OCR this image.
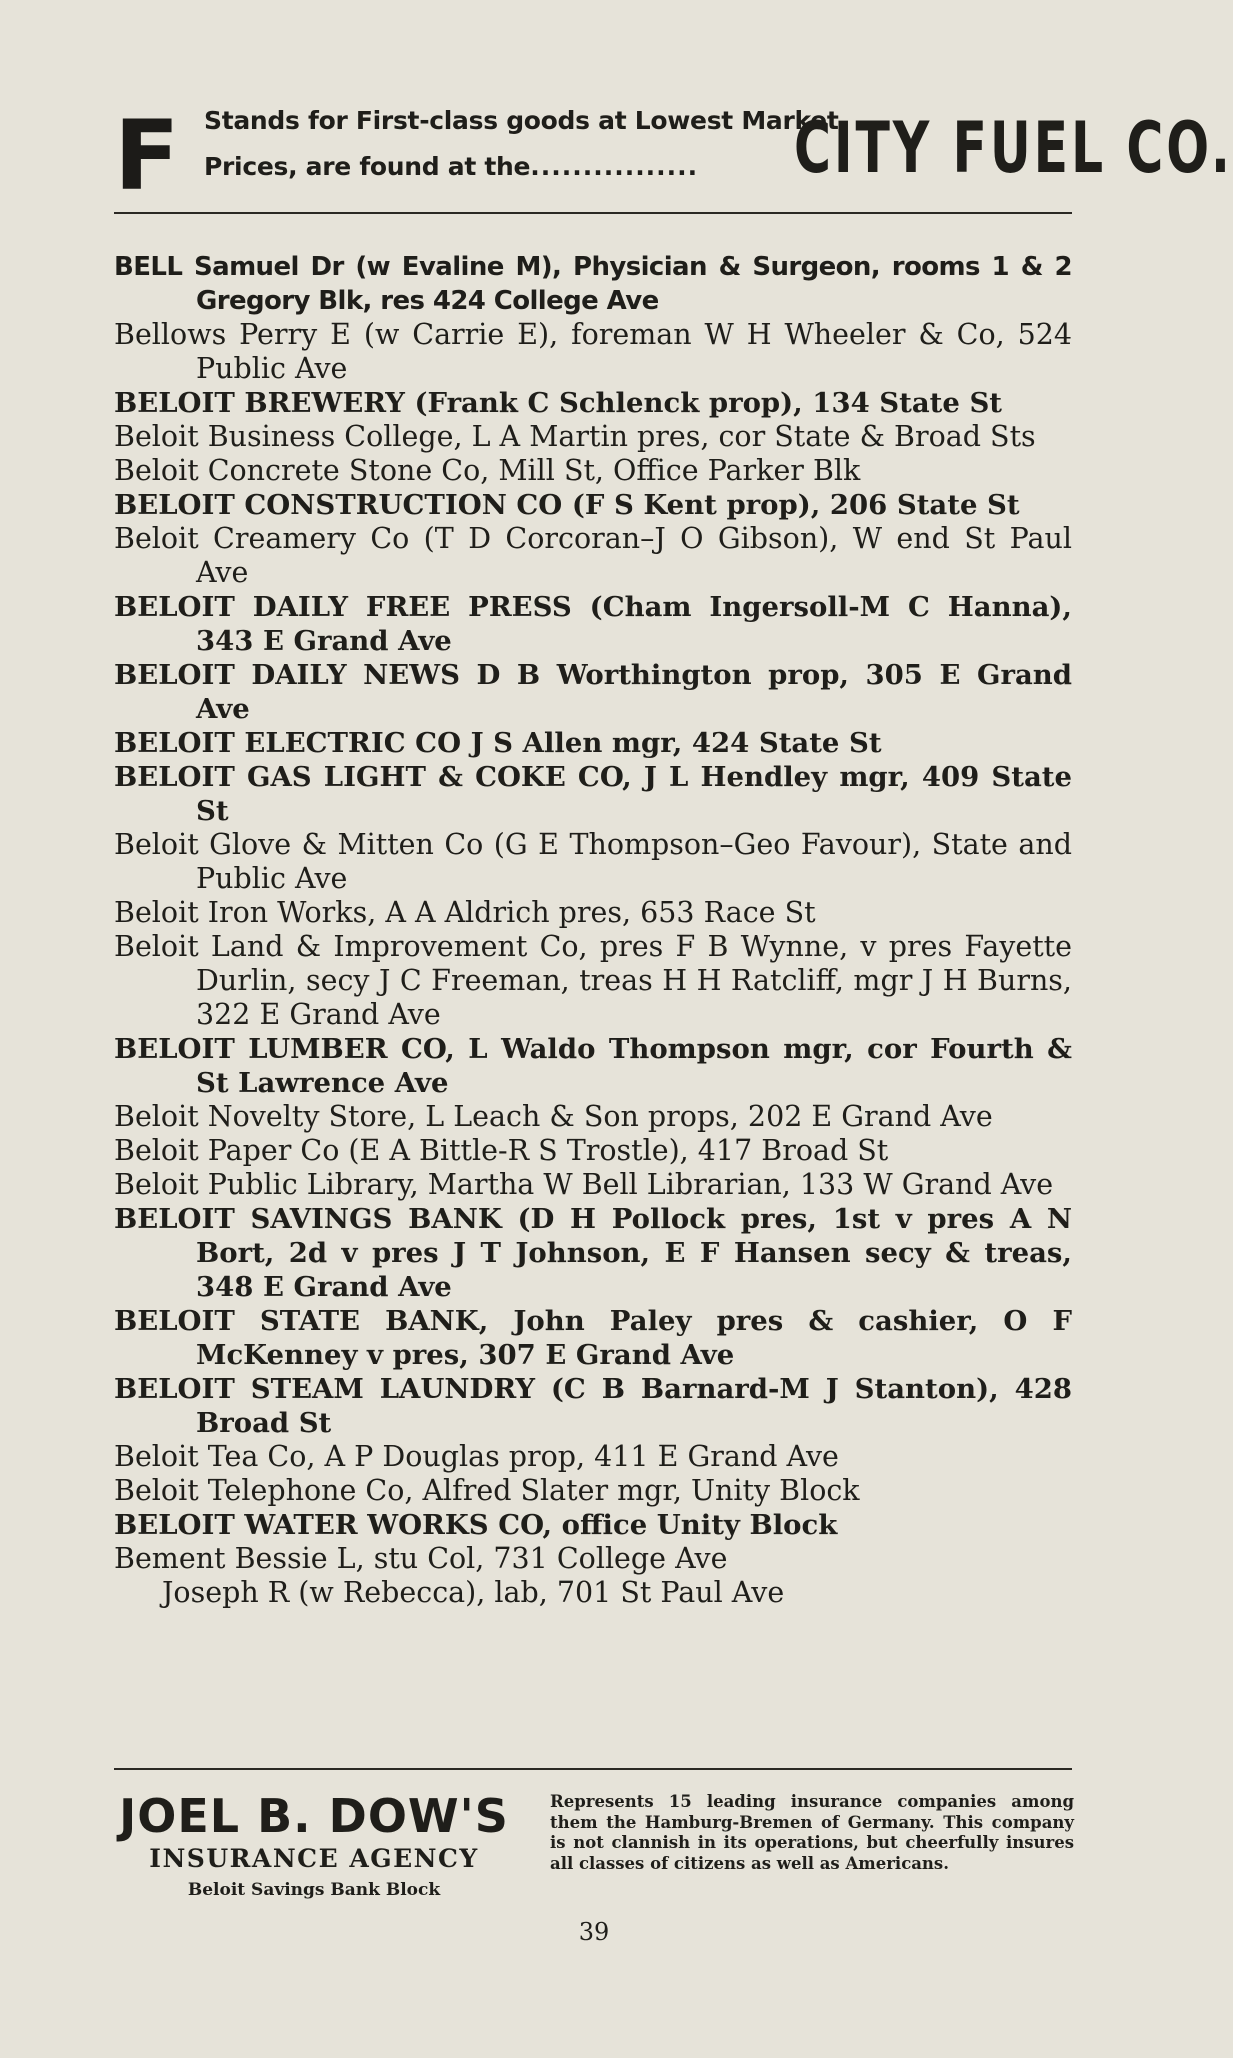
F Stands for First-class goods at Lowest Market
Prices, are found at the................ CITY FUEL CO.

BELL Samuel Dr (w Evaline M), Physician & Surgeon, rooms 1 & 2 Gregory Blk, res 424 College Ave

Bellows Perry E (w Carrie E), foreman W H Wheeler & Co, 524 Public Ave

BELOIT BREWERY (Frank C Schlenck prop), 134 State St

Beloit Business College, L A Martin pres, cor State & Broad Sts

Beloit Concrete Stone Co, Mill St, Office Parker Blk

BELOIT CONSTRUCTION CO (F S Kent prop), 206 State St

Beloit Creamery Co (T D Corcoran–J O Gibson), W end St Paul Ave

BELOIT DAILY FREE PRESS (Cham Ingersoll-M C Hanna), 343 E Grand Ave

BELOIT DAILY NEWS D B Worthington prop, 305 E Grand Ave

BELOIT ELECTRIC CO J S Allen mgr, 424 State St

BELOIT GAS LIGHT & COKE CO, J L Hendley mgr, 409 State St

Beloit Glove & Mitten Co (G E Thompson–Geo Favour), State and Public Ave

Beloit Iron Works, A A Aldrich pres, 653 Race St

Beloit Land & Improvement Co, pres F B Wynne, v pres Fayette Durlin, secy J C Freeman, treas H H Ratcliff, mgr J H Burns, 322 E Grand Ave

BELOIT LUMBER CO, L Waldo Thompson mgr, cor Fourth & St Lawrence Ave

Beloit Novelty Store, L Leach & Son props, 202 E Grand Ave

Beloit Paper Co (E A Bittle-R S Trostle), 417 Broad St

Beloit Public Library, Martha W Bell Librarian, 133 W Grand Ave

BELOIT SAVINGS BANK (D H Pollock pres, 1st v pres A N Bort, 2d v pres J T Johnson, E F Hansen secy & treas, 348 E Grand Ave

BELOIT STATE BANK, John Paley pres & cashier, O F McKenney v pres, 307 E Grand Ave

BELOIT STEAM LAUNDRY (C B Barnard-M J Stanton), 428 Broad St

Beloit Tea Co, A P Douglas prop, 411 E Grand Ave

Beloit Telephone Co, Alfred Slater mgr, Unity Block

BELOIT WATER WORKS CO, office Unity Block

Bement Bessie L, stu Col, 731 College Ave

Joseph R (w Rebecca), lab, 701 St Paul Ave

JOEL B. DOW'S
INSURANCE AGENCY
Beloit Savings Bank Block
Represents 15 leading insurance companies among them the Hamburg-Bremen of Germany. This company is not clannish in its operations, but cheerfully insures all classes of citizens as well as Americans.
39
